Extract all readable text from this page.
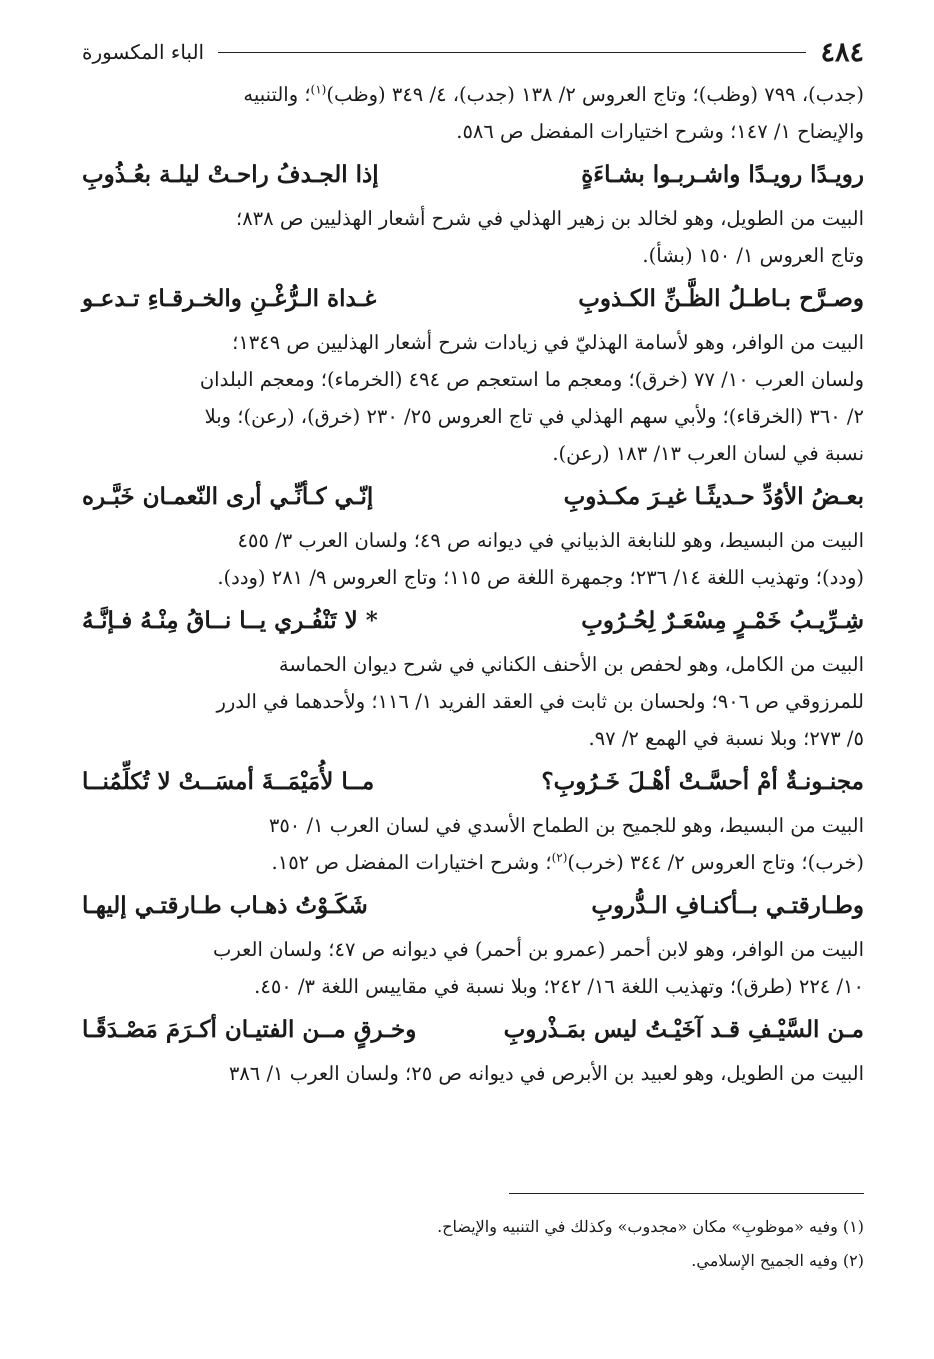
٤٨٤
الباء المكسورة
(جدب)، ٧٩٩ (وظب)؛ وتاج العروس ٢/ ١٣٨ (جدب)، ٤/ ٣٤٩ (وظب)$^{(١)}$؛ والتنبيه
والإيضاح ١/ ١٤٧؛ وشرح اختيارات المفضل ص ٥٨٦.
رويـدًا رويـدًا واشـربـوا بشـاءَةٍ
إذا الجـدفُ راحـتْ ليلـة بعُـذُوبِ
البيت من الطويل، وهو لخالد بن زهير الهذلي في شرح أشعار الهذليين ص ٨٣٨؛
وتاج العروس ١/ ١٥٠ (بشأ).
وصـرَّح بـاطـلُ الظَّـنِّ الكـذوبِ
غـداة الـرُّغْـنِ والخـرقـاءِ تـدعـو
البيت من الوافر، وهو لأسامة الهذليّ في زيادات شرح أشعار الهذليين ص ١٣٤٩؛
ولسان العرب ١٠/ ٧٧ (خرق)؛ ومعجم ما استعجم ص ٤٩٤ (الخرماء)؛ ومعجم البلدان
٢/ ٣٦٠ (الخرقاء)؛ ولأبي سهم الهذلي في تاج العروس ٢٥/ ٢٣٠ (خرق)، (رعن)؛ وبلا
نسبة في لسان العرب ١٣/ ١٨٣ (رعن).
بعـضُ الأوُدِّ حـديثًـا غيـرَ مكـذوبِ
إنّـي كـأنِّـي أرى النّعمـان خَبَّـره
البيت من البسيط، وهو للنابغة الذبياني في ديوانه ص ٤٩؛ ولسان العرب ٣/ ٤٥٥
(ودد)؛ وتهذيب اللغة ١٤/ ٢٣٦؛ وجمهرة اللغة ص ١١٥؛ وتاج العروس ٩/ ٢٨١ (ودد).
شِـرِّيـبُ خَمْـرٍ مِسْعَـرٌ لِحُـرُوبِ
* لا تَنْفُـري يــا نــاقُ مِنْـهُ فـإنَّـهُ
البيت من الكامل، وهو لحفص بن الأحنف الكناني في شرح ديوان الحماسة
للمرزوقي ص ٩٠٦؛ ولحسان بن ثابت في العقد الفريد ١/ ١١٦؛ ولأحدهما في الدرر
٥/ ٢٧٣؛ وبلا نسبة في الهمع ٢/ ٩٧.
مجنـونـةٌ أمْ أحسَّـتْ أهْـلَ خَـرُوبِ؟
مــا لأُمَيْمَــةَ أمسَــتْ لا تُكلِّمُنــا
البيت من البسيط، وهو للجميح بن الطماح الأسدي في لسان العرب ١/ ٣٥٠
(خرب)؛ وتاج العروس ٢/ ٣٤٤ (خرب)$^{(٢)}$؛ وشرح اختيارات المفضل ص ١٥٢.
وطـارقتـي بــأكنـافِ الـدُّروبِ
شَكَـوْتُ ذهـاب طـارقتـي إليهـا
البيت من الوافر، وهو لابن أحمر (عمرو بن أحمر) في ديوانه ص ٤٧؛ ولسان العرب
١٠/ ٢٢٤ (طرق)؛ وتهذيب اللغة ١٦/ ٢٤٢؛ وبلا نسبة في مقاييس اللغة ٣/ ٤٥٠.
مـن السَّيْـفِ قـد آخَيْـتُ ليس بمَـذْروبِ
وخـرقٍ مــن الفتيـان أكـرَمَ مَصْـدَقًـا
البيت من الطويل، وهو لعبيد بن الأبرص في ديوانه ص ٢٥؛ ولسان العرب ١/ ٣٨٦
(١) وفيه «موظوبِ» مكان «مجدوب» وكذلك في التنبيه والإيضاح.
(٢) وفيه الجميح الإسلامي.
